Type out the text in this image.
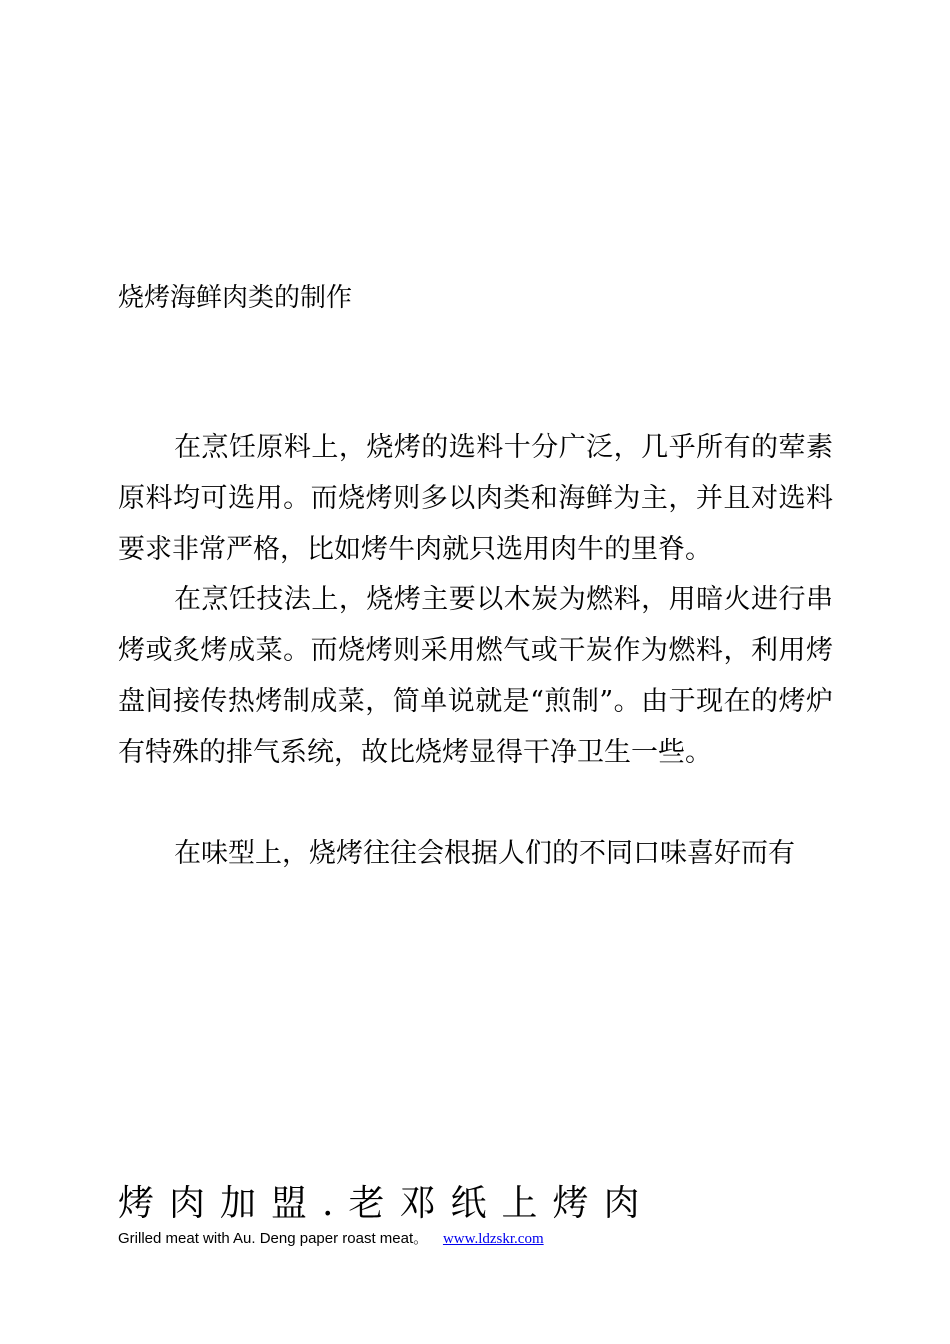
烧烤海鲜肉类的制作

在烹饪原料上，烧烤的选料十分广泛，几乎所有的荤素原料均可选用。而烧烤则多以肉类和海鲜为主，并且对选料要求非常严格，比如烤牛肉就只选用肉牛的里脊。

在烹饪技法上，烧烤主要以木炭为燃料，用暗火进行串烤或炙烤成菜。而烧烤则采用燃气或干炭作为燃料，利用烤盘间接传热烤制成菜，简单说就是“煎制”。由于现在的烤炉有特殊的排气系统，故比烧烤显得干净卫生一些。

在味型上，烧烤往往会根据人们的不同口味喜好而有

烤肉加盟.老邓纸上烤肉
Grilled meat with Au. Deng paper roast meat。 www.ldzskr.com
